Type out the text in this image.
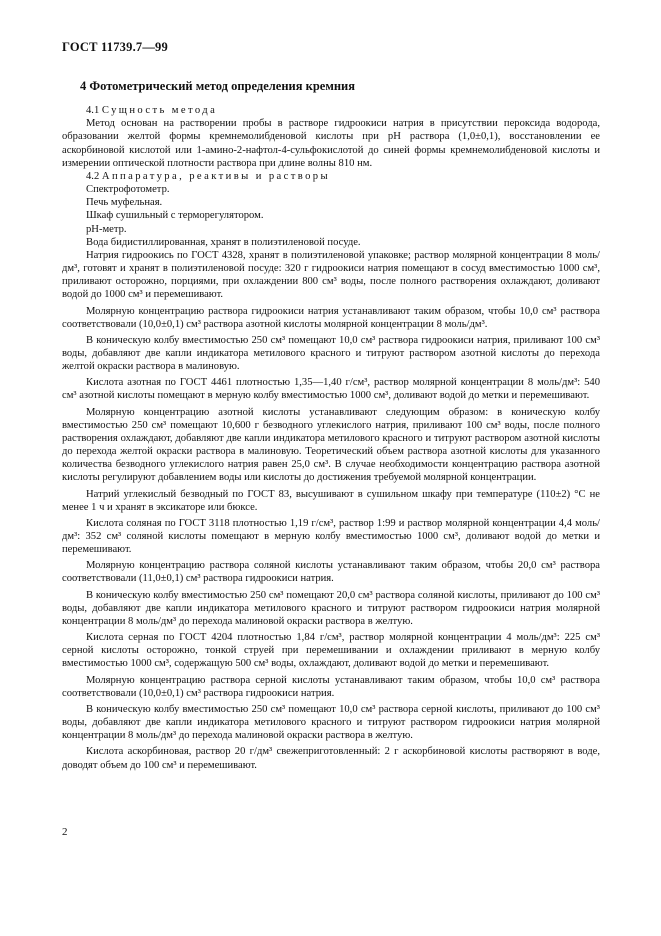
ГОСТ 11739.7—99
4 Фотометрический метод определения кремния

4.1 Сущность метода

Метод основан на растворении пробы в растворе гидроокиси натрия в присутствии пероксида водорода, образовании желтой формы кремнемолибденовой кислоты при pH раствора (1,0±0,1), восстановлении ее аскорбиновой кислотой или 1-амино-2-нафтол-4-сульфокислотой до синей формы кремнемолибденовой кислоты и измерении оптической плотности раствора при длине волны 810 нм.

4.2 Аппаратура, реактивы и растворы

Спектрофотометр.

Печь муфельная.

Шкаф сушильный с терморегулятором.

pH-метр.

Вода бидистиллированная, хранят в полиэтиленовой посуде.

Натрия гидроокись по ГОСТ 4328, хранят в полиэтиленовой упаковке; раствор молярной концентрации 8 моль/дм³, готовят и хранят в полиэтиленовой посуде: 320 г гидроокиси натрия помещают в сосуд вместимостью 1000 см³, приливают осторожно, порциями, при охлаждении 800 см³ воды, после полного растворения охлаждают, доливают водой до 1000 см³ и перемешивают.

Молярную концентрацию раствора гидроокиси натрия устанавливают таким образом, чтобы 10,0 см³ раствора соответствовали (10,0±0,1) см³ раствора азотной кислоты молярной концентрации 8 моль/дм³.

В коническую колбу вместимостью 250 см³ помещают 10,0 см³ раствора гидроокиси натрия, приливают 100 см³ воды, добавляют две капли индикатора метилового красного и титруют раствором азотной кислоты до перехода желтой окраски раствора в малиновую.

Кислота азотная по ГОСТ 4461 плотностью 1,35—1,40 г/см³, раствор молярной концентрации 8 моль/дм³: 540 см³ азотной кислоты помещают в мерную колбу вместимостью 1000 см³, доливают водой до метки и перемешивают.

Молярную концентрацию азотной кислоты устанавливают следующим образом: в коническую колбу вместимостью 250 см³ помещают 10,600 г безводного углекислого натрия, приливают 100 см³ воды, после полного растворения охлаждают, добавляют две капли индикатора метилового красного и титруют раствором азотной кислоты до перехода желтой окраски раствора в малиновую. Теоретический объем раствора азотной кислоты для указанного количества безводного углекислого натрия равен 25,0 см³. В случае необходимости концентрацию раствора азотной кислоты регулируют добавлением воды или кислоты до достижения требуемой молярной концентрации.

Натрий углекислый безводный по ГОСТ 83, высушивают в сушильном шкафу при температуре (110±2) °С не менее 1 ч и хранят в эксикаторе или бюксе.

Кислота соляная по ГОСТ 3118 плотностью 1,19 г/см³, раствор 1:99 и раствор молярной концентрации 4,4 моль/дм³: 352 см³ соляной кислоты помещают в мерную колбу вместимостью 1000 см³, доливают водой до метки и перемешивают.

Молярную концентрацию раствора соляной кислоты устанавливают таким образом, чтобы 20,0 см³ раствора соответствовали (11,0±0,1) см³ раствора гидроокиси натрия.

В коническую колбу вместимостью 250 см³ помещают 20,0 см³ раствора соляной кислоты, приливают до 100 см³ воды, добавляют две капли индикатора метилового красного и титруют раствором гидроокиси натрия молярной концентрации 8 моль/дм³ до перехода малиновой окраски раствора в желтую.

Кислота серная по ГОСТ 4204 плотностью 1,84 г/см³, раствор молярной концентрации 4 моль/дм³: 225 см³ серной кислоты осторожно, тонкой струей при перемешивании и охлаждении приливают в мерную колбу вместимостью 1000 см³, содержащую 500 см³ воды, охлаждают, доливают водой до метки и перемешивают.

Молярную концентрацию раствора серной кислоты устанавливают таким образом, чтобы 10,0 см³ раствора соответствовали (10,0±0,1) см³ раствора гидроокиси натрия.

В коническую колбу вместимостью 250 см³ помещают 10,0 см³ раствора серной кислоты, приливают до 100 см³ воды, добавляют две капли индикатора метилового красного и титруют раствором гидроокиси натрия молярной концентрации 8 моль/дм³ до перехода малиновой окраски раствора в желтую.

Кислота аскорбиновая, раствор 20 г/дм³ свежеприготовленный: 2 г аскорбиновой кислоты растворяют в воде, доводят объем до 100 см³ и перемешивают.

2
